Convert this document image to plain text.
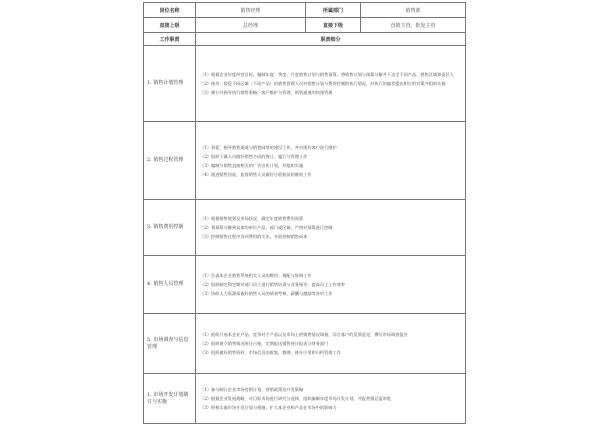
岗位名称	销售经理	所属部门	销售部
直接上级	总经理	直接下级	直销主管、批发主管
工作职责	职责细分		
1. 销售计划管理	（1）根据企业年度经营目标，编制年度、季度、月度销售计划与销售预算，将销售计划与预算分解并下达至不同产品、销售区域和责任人
（2）指导、督促不同区域（不同产品）的销售管理人员对销售计划与费用控制的执行情况，对执行的偏差提出相应的对策并组织实施
（3）制订并指导执行销售策略、客户维护与管理、销售通道的构建管理		

2. 销售过程管理	（1）督促、指导销售渠道与销售网络的建设工作，并对现有客户进行维护
（2）组织下属人员做好销售合同的签订、履行与管理工作
（3）编制与销售直接相关的广告宣传计划，并组织实施
（4）跟进销售回款，监督销售人员做好应收账款的催收工作		

3. 销售费用控制	（1）根据销售规划及市场状况，确定年度销售费用预算
（2）将预算分解到具体的单位产品、部门或区域，严格对预算进行控制
（3）控制销售过程中各项费用的支出，开展控制销售成本		

4. 销售人员管理	（1）负责本企业销售系统相关人员的聘用、调配与协调工作
（2）组织制定和定期对部门员工进行销售培训与业务指导，提高员工工作效率
（3）协助人力资源部做好销售人员的绩效考核、薪酬与激励等各项工作		

5. 市场调查与信息管理	（1）组织开展本企业产品、竞争对手产品以及市场上的销售情况调查，综合客户的反馈意见，撰写市场调查报告
（2）组织建立销售情况统计台账，定期报送销售统计报表与财务部门
（3）组织做好销售资料、市场信息的收集、整理、统计应用和归档管理工作		

1. 市场开发计划制订与实施	（1）参与制订企业市场营销计划、营销政策及开发策略
（2）根据企业发展战略，对目标市场进行研究与选择，组织编制年度市场开发计划，并报营销总监审批
（3）积极实施市场开发计划与措施，扩大本企业和产品在市场中的影响力		
